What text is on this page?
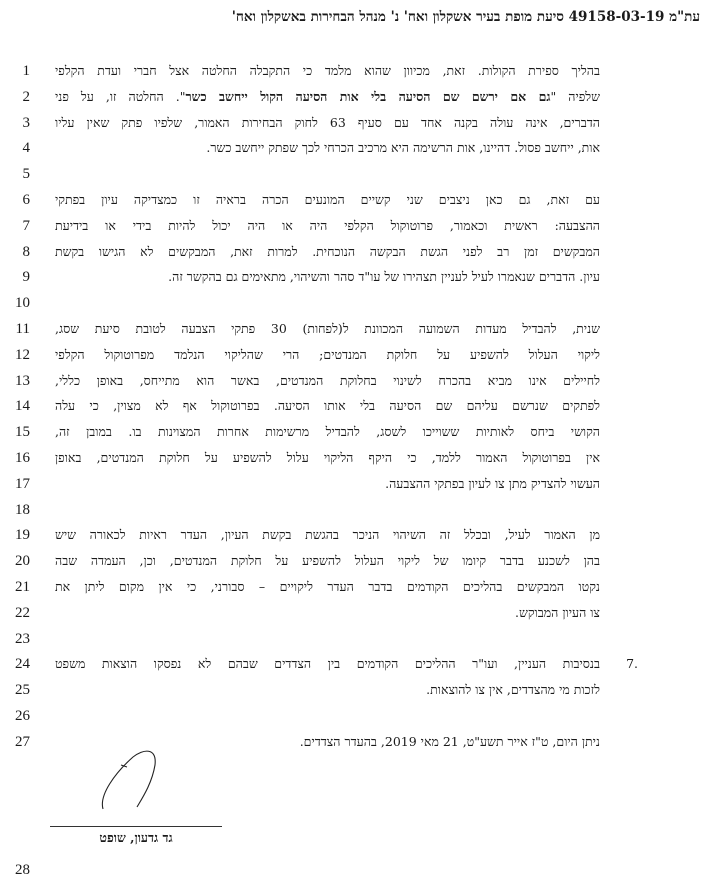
עת"מ 49158-03-19 סיעת מופת בעיר אשקלון ואח' נ' מנהל הבחירות באשקלון ואח'
1 בהליך ספירת הקולות. זאת, מכיוון שהוא מלמד כי התקבלה החלטה אצל חברי ועדת הקלפי
2	שלפיה "גם אם ירשם שם הסיעה בלי אות הסיעה הקול ייחשב כשר". החלטה זו, על פני
3 הדברים, אינה עולה בקנה אחד עם סעיף 63 לחוק הבחירות האמור, שלפיו פתק שאין עליו
4	אות, ייחשב פסול. דהיינו, אות הרשימה היא מרכיב הכרחי לכך שפתק ייחשב כשר.
5
6 עם זאת, גם כאן ניצבים שני קשיים המונעים הכרה בראיה זו כמצדיקה עיון בפתקי
7 ההצבעה: ראשית וכאמור, פרוטוקול הקלפי היה או היה יכול להיות בידי או בידיעת
8 המבקשים זמן רב לפני הגשת הבקשה הנוכחית. למרות זאת, המבקשים לא הגישו בקשת
9	עיון. הדברים שנאמרו לעיל לעניין תצהירו של עו"ד סהר והשיהוי, מתאימים גם בהקשר זה.
10
11 שנית, להבדיל מעדות השמועה המכוונת ל(לפחות) 30 פתקי הצבעה לטובת סיעת שסג,
12 ליקוי העלול להשפיע על חלוקת המנדטים; הרי שהליקוי הנלמד מפרוטוקול הקלפי
13 לחיילים אינו מביא בהכרח לשינוי בחלוקת המנדטים, באשר הוא מתייחס, באופן כללי,
14 לפתקים שנרשם עליהם שם הסיעה בלי אותו הסיעה. בפרוטוקול אף לא מצוין, כי עלה
15 הקושי ביחס לאותיות ששוייכו לשסג, להבדיל מרשימות אחרות המצוינות בו. במובן זה,
16 אין בפרוטוקול האמור ללמד, כי היקף הליקוי עלול להשפיע על חלוקת המנדטים, באופן
17	העשוי להצדיק מתן צו לעיון בפתקי ההצבעה.
18
19 מן האמור לעיל, ובכלל זה השיהוי הניכר בהגשת בקשת העיון, העדר ראיות לכאורה שיש
20 בהן לשכנע בדבר קיומו של ליקוי העלול להשפיע על חלוקת המנדטים, וכן, העמדה שבה
21 נקטו המבקשים בהליכים הקודמים בדבר העדר ליקויים – סבורני, כי אין מקום ליתן את
22	צו העיון המבוקש.
23
24 בנסיבות העניין, ועו"ר ההליכים הקודמים בין הצדדים שבהם לא נפסקו הוצאות משפט .7
25	לזכות מי מהצדדים, אין צו להוצאות.
26
27	ניתן היום, ט"ז אייר תשע"ט, 21 מאי 2019, בהעדר הצדדים.
גד גדעון, שופט
28
